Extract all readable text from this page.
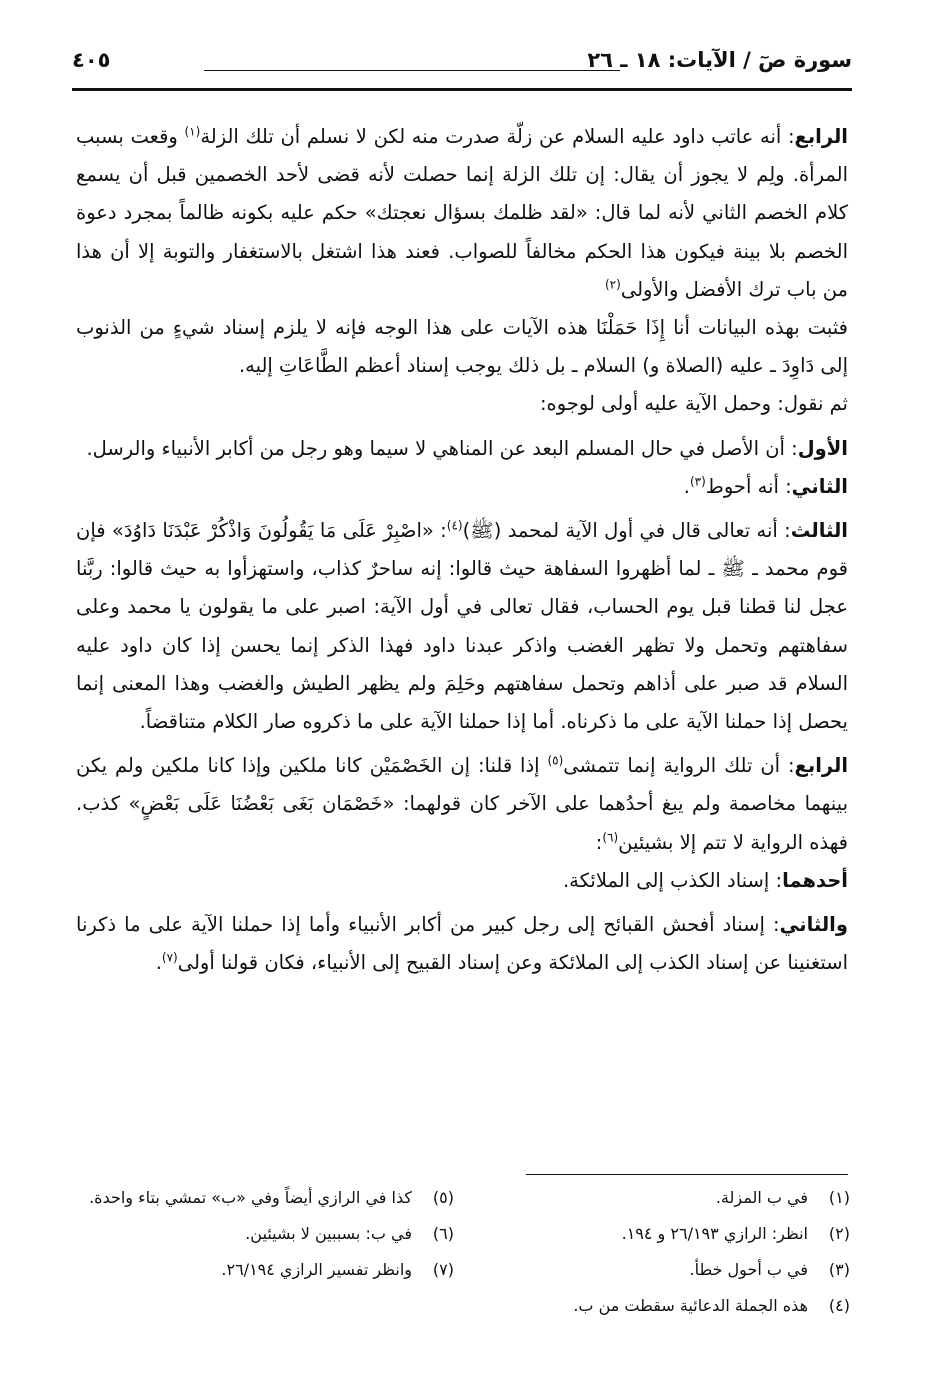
سورة صٓ / الآيات: ١٨ ـ ٢٦
٤٠٥

الرابع: أنه عاتب داود عليه السلام عن زلّة صدرت منه لكن لا نسلم أن تلك الزلة$^{(١)}$ وقعت بسبب المرأة. ولِم لا يجوز أن يقال: إن تلك الزلة إنما حصلت لأنه قضى لأحد الخصمين قبل أن يسمع كلام الخصم الثاني لأنه لما قال: «لقد ظلمك بسؤال نعجتك» حكم عليه بكونه ظالماً بمجرد دعوة الخصم بلا بينة فيكون هذا الحكم مخالفاً للصواب. فعند هذا اشتغل بالاستغفار والتوبة إلا أن هذا من باب ترك الأفضل والأولى$^{(٢)}$

فثبت بهذه البيانات أنا إِذَا حَمَلْنَا هذه الآيات على هذا الوجه فإنه لا يلزم إسناد شيءٍ من الذنوب إلى دَاوِدَ ـ عليه (الصلاة و) السلام ـ بل ذلك يوجب إسناد أعظم الطَّاعَاتِ إليه.

ثم نقول: وحمل الآية عليه أولى لوجوه:

الأول: أن الأصل في حال المسلم البعد عن المناهي لا سيما وهو رجل من أكابر الأنبياء والرسل.

الثاني: أنه أحوط$^{(٣)}$.

الثالث: أنه تعالى قال في أول الآية لمحمد (ﷺ)$^{(٤)}$: «اصْبِرْ عَلَى مَا يَقُولُونَ وَاذْكُرْ عَبْدَنَا دَاوُدَ» فإن قوم محمد ـ ﷺ ـ لما أظهروا السفاهة حيث قالوا: إنه ساحرٌ كذاب، واستهزأوا به حيث قالوا: ربَّنا عجل لنا قطنا قبل يوم الحساب، فقال تعالى في أول الآية: اصبر على ما يقولون يا محمد وعلى سفاهتهم وتحمل ولا تظهر الغضب واذكر عبدنا داود فهذا الذكر إنما يحسن إذا كان داود عليه السلام قد صبر على أذاهم وتحمل سفاهتهم وحَلِمَ ولم يظهر الطيش والغضب وهذا المعنى إنما يحصل إذا حملنا الآية على ما ذكرناه. أما إذا حملنا الآية على ما ذكروه صار الكلام متناقضاً.

الرابع: أن تلك الرواية إنما تتمشى$^{(٥)}$ إذا قلنا: إن الخَصْمَيْن كانا ملكين وإذا كانا ملكين ولم يكن بينهما مخاصمة ولم يبغ أحدُهما على الآخر كان قولهما: «خَصْمَان بَغَى بَعْضُنَا عَلَى بَعْضٍ» كذب. فهذه الرواية لا تتم إلا بشيئين$^{(٦)}$:

أحدهما: إسناد الكذب إلى الملائكة.

والثاني: إسناد أفحش القبائح إلى رجل كبير من أكابر الأنبياء وأما إذا حملنا الآية على ما ذكرنا استغنينا عن إسناد الكذب إلى الملائكة وعن إسناد القبيح إلى الأنبياء، فكان قولنا أولى$^{(٧)}$.

(١)في ب المزلة.

(٢)انظر: الرازي ٢٦/١٩٣ و ١٩٤.

(٣)في ب أحول خطأ.

(٤)هذه الجملة الدعائية سقطت من ب.

(٥)كذا في الرازي أيضاً وفي «ب» تمشي بتاء واحدة.

(٦)في ب: بسببين لا بشيئين.

(٧)وانظر تفسير الرازي ٢٦/١٩٤.
